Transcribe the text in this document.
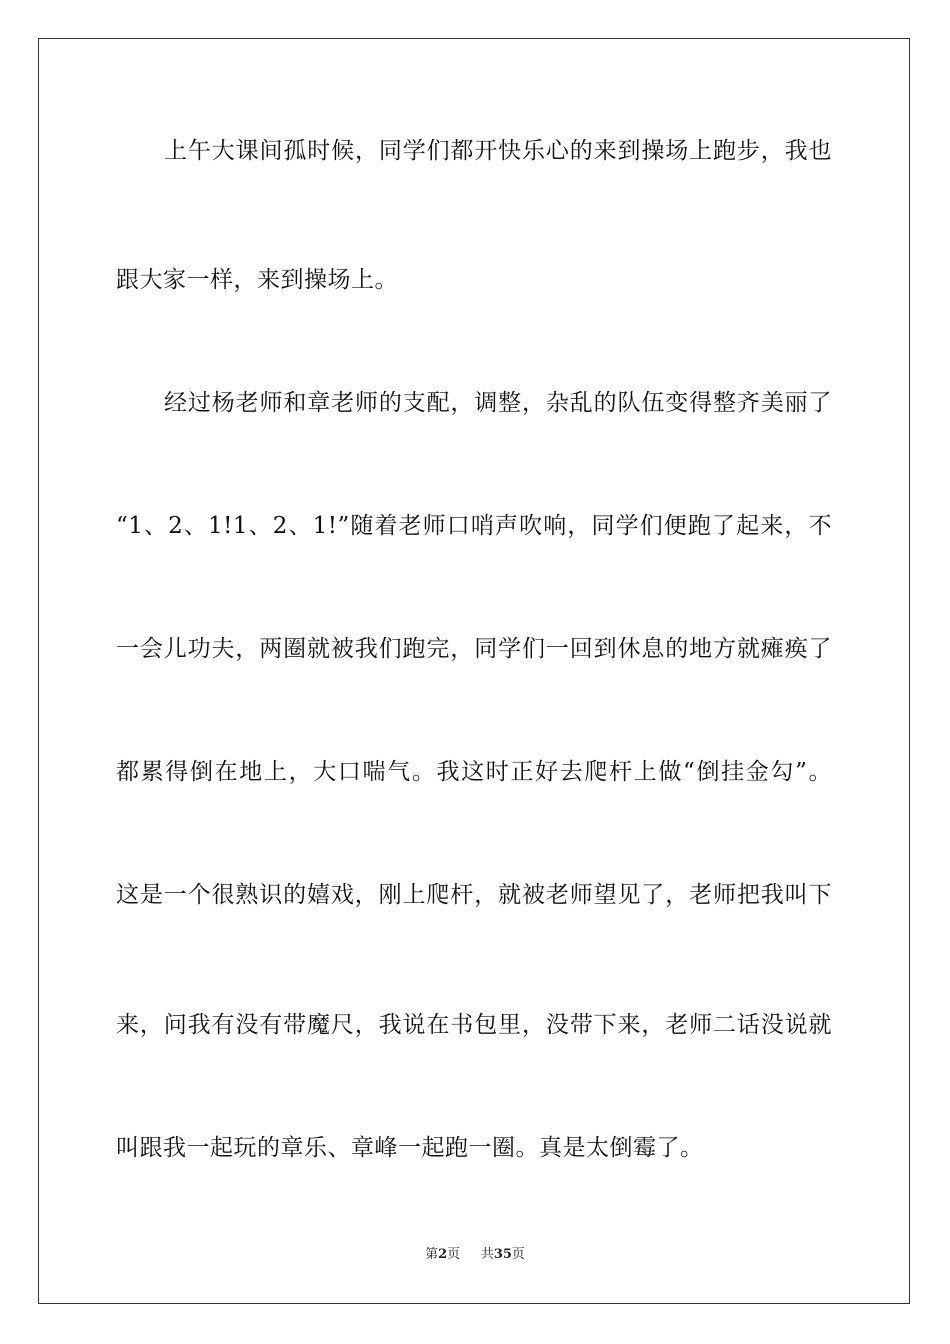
上午大课间孤时候，同学们都开快乐心的来到操场上跑步，我也
跟大家一样，来到操场上。
经过杨老师和章老师的支配，调整，杂乱的队伍变得整齐美丽了
“1、2、1!1、2、1!”随着老师口哨声吹响，同学们便跑了起来，不
一会儿功夫，两圈就被我们跑完，同学们一回到休息的地方就瘫痪了
都累得倒在地上，大口喘气。我这时正好去爬杆上做“倒挂金勾”。
这是一个很熟识的嬉戏，刚上爬杆，就被老师望见了，老师把我叫下
来，问我有没有带魔尺，我说在书包里，没带下来，老师二话没说就
叫跟我一起玩的章乐、章峰一起跑一圈。真是太倒霉了。
第2页 共35页
